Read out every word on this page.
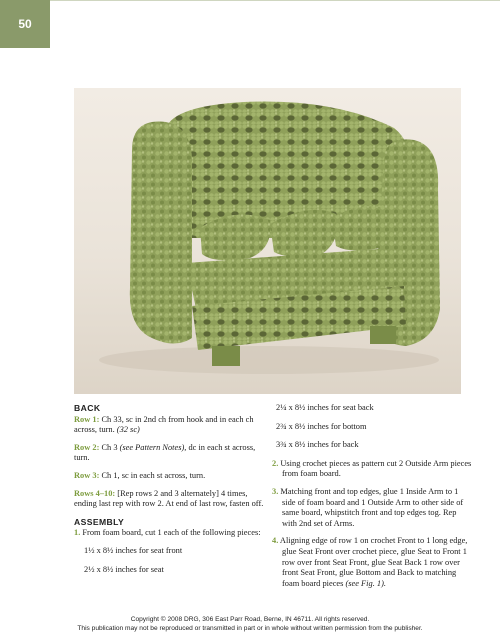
50
BACK
Row 1: Ch 33, sc in 2nd ch from hook and in each ch across, turn. (32 sc)
Row 2: Ch 3 (see Pattern Notes), dc in each st across, turn.
Row 3: Ch 1, sc in each st across, turn.
Rows 4–10: [Rep rows 2 and 3 alternately] 4 times, ending last rep with row 2. At end of last row, fasten off.
ASSEMBLY
1. From foam board, cut 1 each of the following pieces:
1½ x 8½ inches for seat front
2½ x 8½ inches for seat
2¼ x 8½ inches for seat back
2¾ x 8½ inches for bottom
3¾ x 8½ inches for back
2. Using crochet pieces as pattern cut 2 Outside Arm pieces from foam board.
3. Matching front and top edges, glue 1 Inside Arm to 1 side of foam board and 1 Outside Arm to other side of same board, whipstitch front and top edges tog. Rep with 2nd set of Arms.
4. Aligning edge of row 1 on crochet Front to 1 long edge, glue Seat Front over crochet piece, glue Seat to Front 1 row over front Seat Front, glue Seat Back 1 row over front Seat Front, glue Bottom and Back to matching foam board pieces (see Fig. 1).
Copyright © 2008 DRG, 306 East Parr Road, Berne, IN 46711. All rights reserved.
This publication may not be reproduced or transmitted in part or in whole without written permission from the publisher.
